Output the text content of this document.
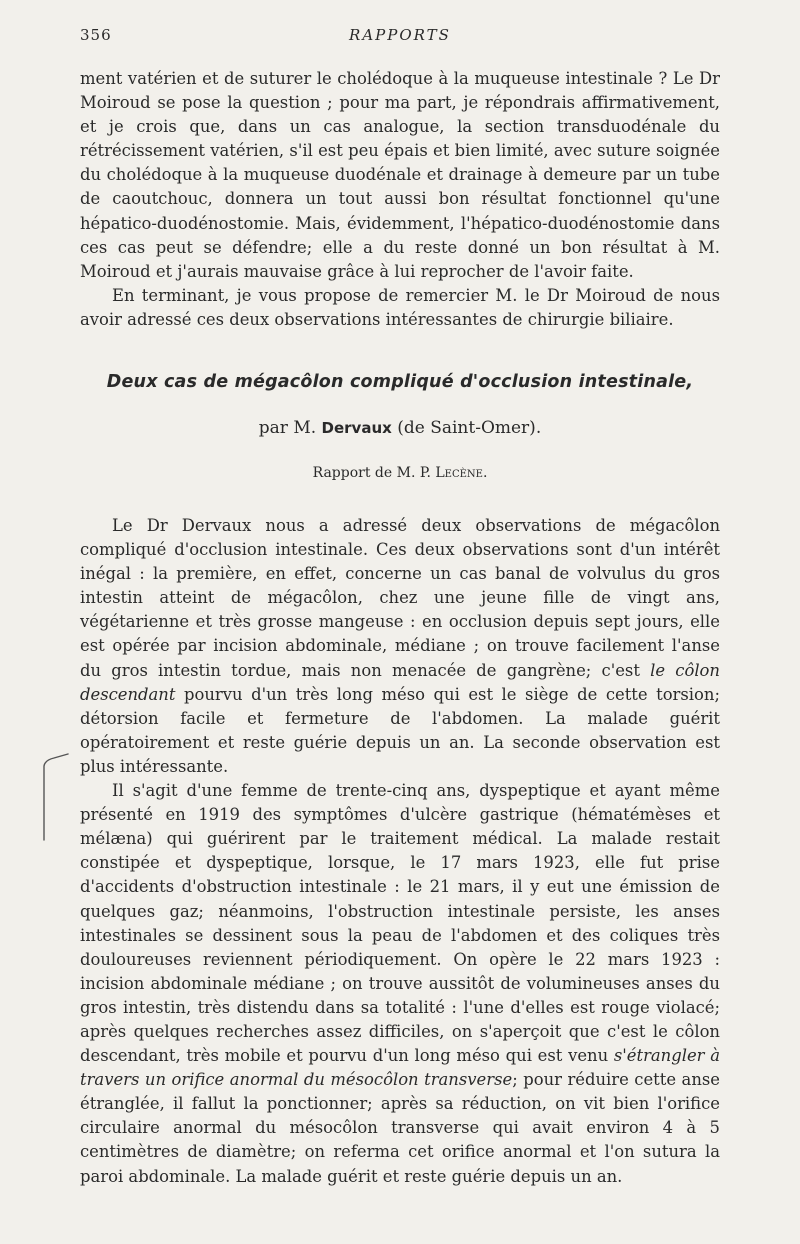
356	RAPPORTS

ment vatérien et de suturer le cholédoque à la muqueuse intestinale ? Le Dr Moiroud se pose la question ; pour ma part, je répondrais affirmativement, et je crois que, dans un cas analogue, la section transduodénale du rétrécissement vatérien, s'il est peu épais et bien limité, avec suture soignée du cholédoque à la muqueuse duodénale et drainage à demeure par un tube de caoutchouc, donnera un tout aussi bon résultat fonctionnel qu'une hépatico-duodénostomie. Mais, évidemment, l'hépatico-duodénostomie dans ces cas peut se défendre; elle a du reste donné un bon résultat à M. Moiroud et j'aurais mauvaise grâce à lui reprocher de l'avoir faite.

En terminant, je vous propose de remercier M. le Dr Moiroud de nous avoir adressé ces deux observations intéressantes de chirurgie biliaire.

Deux cas de mégacôlon compliqué d'occlusion intestinale,
par M. Dervaux (de Saint-Omer).
Rapport de M. P. Lecène.

Le Dr Dervaux nous a adressé deux observations de mégacôlon compliqué d'occlusion intestinale. Ces deux observations sont d'un intérêt inégal : la première, en effet, concerne un cas banal de volvulus du gros intestin atteint de mégacôlon, chez une jeune fille de vingt ans, végétarienne et très grosse mangeuse : en occlusion depuis sept jours, elle est opérée par incision abdominale, médiane ; on trouve facilement l'anse du gros intestin tordue, mais non menacée de gangrène; c'est le côlon descendant pourvu d'un très long méso qui est le siège de cette torsion; détorsion facile et fermeture de l'abdomen. La malade guérit opératoirement et reste guérie depuis un an. La seconde observation est plus intéressante.

Il s'agit d'une femme de trente-cinq ans, dyspeptique et ayant même présenté en 1919 des symptômes d'ulcère gastrique (hématémèses et mélæna) qui guérirent par le traitement médical. La malade restait constipée et dyspeptique, lorsque, le 17 mars 1923, elle fut prise d'accidents d'obstruction intestinale : le 21 mars, il y eut une émission de quelques gaz; néanmoins, l'obstruction intestinale persiste, les anses intestinales se dessinent sous la peau de l'abdomen et des coliques très douloureuses reviennent périodiquement. On opère le 22 mars 1923 : incision abdominale médiane ; on trouve aussitôt de volumineuses anses du gros intestin, très distendu dans sa totalité : l'une d'elles est rouge violacé; après quelques recherches assez difficiles, on s'aperçoit que c'est le côlon descendant, très mobile et pourvu d'un long méso qui est venu s'étrangler à travers un orifice anormal du mésocôlon transverse; pour réduire cette anse étranglée, il fallut la ponctionner; après sa réduction, on vit bien l'orifice circulaire anormal du mésocôlon transverse qui avait environ 4 à 5 centimètres de diamètre; on referma cet orifice anormal et l'on sutura la paroi abdominale. La malade guérit et reste guérie depuis un an.
